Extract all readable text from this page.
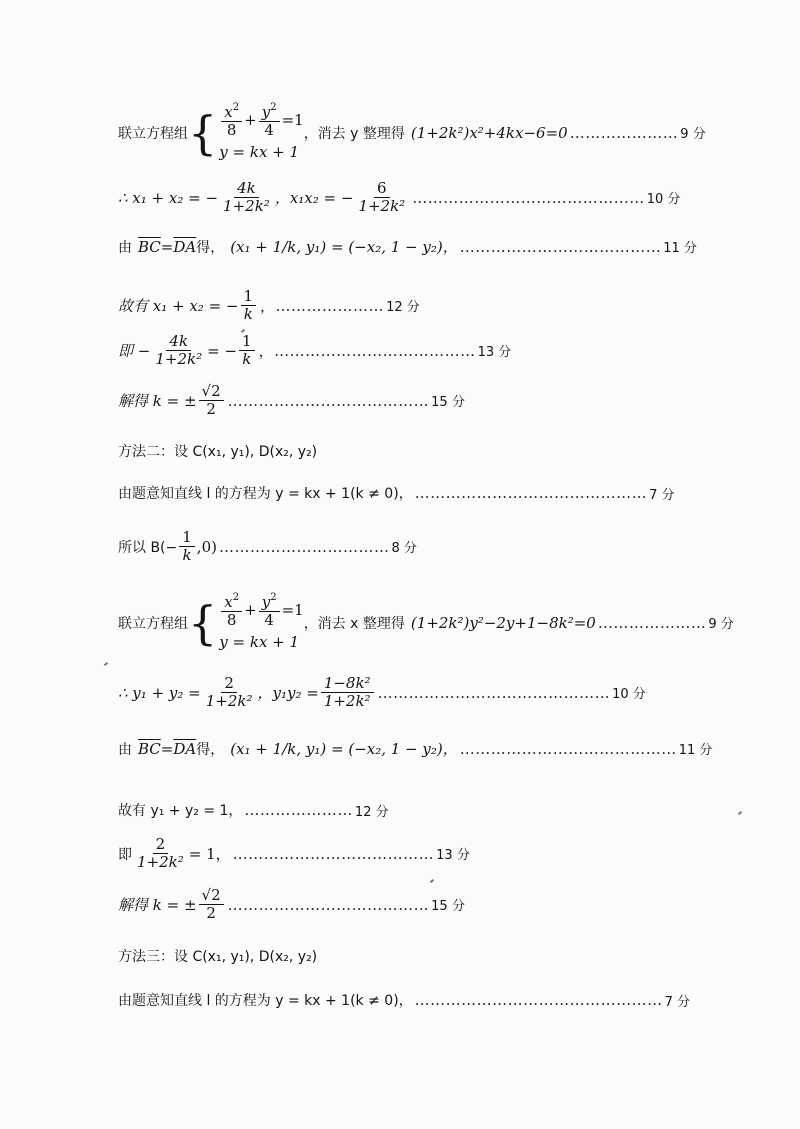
联立方程组 { $\frac{x^2}{8} + \frac{y^2}{4} =1$
y = kx + 1
，消去 y 整理得 (1+2k²)x²+4kx−6=0 ………………… 9 分
∴ x₁ + x₂ = − $\frac{4k}{\text{1+2k²}}$ ，x₁x₂ = − $\frac{6}{\text{1+2k²}}$ ……………………………………… 10 分
由 $\overline{BC} = \overline{DA}$ 得， (x₁ + 1/k, y₁) = (−x₂, 1 − y₂)， ………………………………… 11 分
故有 x₁ + x₂ = − $\frac{1}{k}$ ，………………… 12 分
即 − $\frac{4k}{\text{1+2k²}}$ = − $\frac{1}{k}$ ，………………………………… 13 分
解得 k = ± $\frac{√2}{2}$ ………………………………… 15 分
方法二：设 C(x₁, y₁), D(x₂, y₂)
由题意知直线 l 的方程为 y = kx + 1(k ≠ 0)， ……………………………………… 7 分
所以 $B(- \frac{1}{k} ,0)$ …………………………… 8 分
联立方程组 { $\frac{x^2}{8} + \frac{y^2}{4} =1$
y = kx + 1
，消去 x 整理得 (1+2k²)y²−2y+1−8k²=0 ………………… 9 分
∴ $y_1 + y_2 = \frac{2}{\text{1+2k²}}$ ，$y_1y_2 = \frac{\text{1−8k²}}{\text{1+2k²}}$ ……………………………………… 10 分
由 $\overline{BC} = \overline{DA}$ 得， (x₁ + 1/k, y₁) = (−x₂, 1 − y₂)， …………………………………… 11 分
故有 y₁ + y₂ = 1， ………………… 12 分
即 $\frac{2}{\text{1+2k²}} = 1$， ………………………………… 13 分
解得 k = ± $\frac{√2}{2}$ ………………………………… 15 分
方法三：设 C(x₁, y₁), D(x₂, y₂)
由题意知直线 l 的方程为 y = kx + 1(k ≠ 0)， ………………………………………… 7 分
